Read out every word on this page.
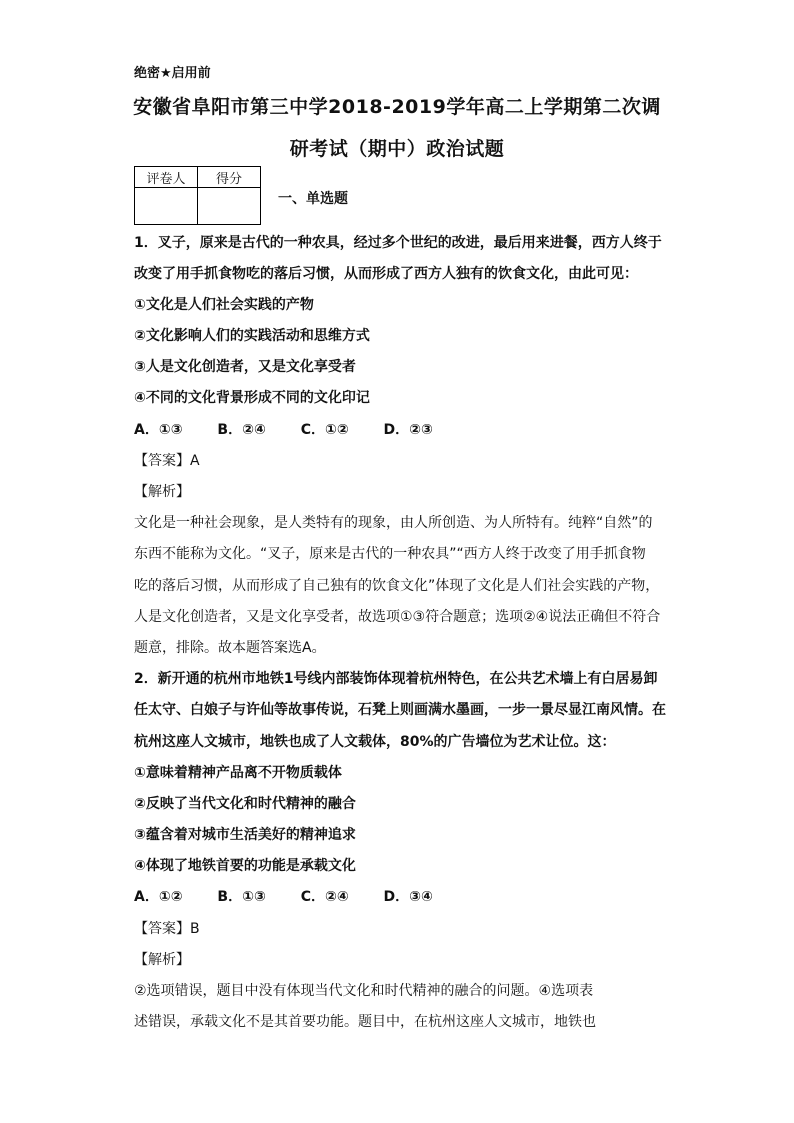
绝密★启用前
安徽省阜阳市第三中学2018-2019学年高二上学期第二次调
研考试（期中）政治试题
评卷人	得分

一、单选题
1．叉子，原来是古代的一种农具，经过多个世纪的改进，最后用来进餐，西方人终于
改变了用手抓食物吃的落后习惯，从而形成了西方人独有的饮食文化，由此可见：
①文化是人们社会实践的产物
②文化影响人们的实践活动和思维方式
③人是文化创造者，又是文化享受者
④不同的文化背景形成不同的文化印记
A．①③ B．②④ C．①② D．②③
【答案】A
【解析】
文化是一种社会现象，是人类特有的现象，由人所创造、为人所特有。纯粹“自然”的
东西不能称为文化。“叉子，原来是古代的一种农具”“西方人终于改变了用手抓食物
吃的落后习惯，从而形成了自己独有的饮食文化”体现了文化是人们社会实践的产物，
人是文化创造者，又是文化享受者，故选项①③符合题意；选项②④说法正确但不符合
题意，排除。故本题答案选A。
2．新开通的杭州市地铁1号线内部装饰体现着杭州特色，在公共艺术墙上有白居易卸
任太守、白娘子与许仙等故事传说，石凳上则画满水墨画，一步一景尽显江南风情。在
杭州这座人文城市，地铁也成了人文载体，80%的广告墙位为艺术让位。这：
①意味着精神产品离不开物质载体
②反映了当代文化和时代精神的融合
③蕴含着对城市生活美好的精神追求
④体现了地铁首要的功能是承载文化
A．①② B．①③ C．②④ D．③④
【答案】B
【解析】
②选项错误，题目中没有体现当代文化和时代精神的融合的问题。④选项表
述错误，承载文化不是其首要功能。题目中，在杭州这座人文城市，地铁也
